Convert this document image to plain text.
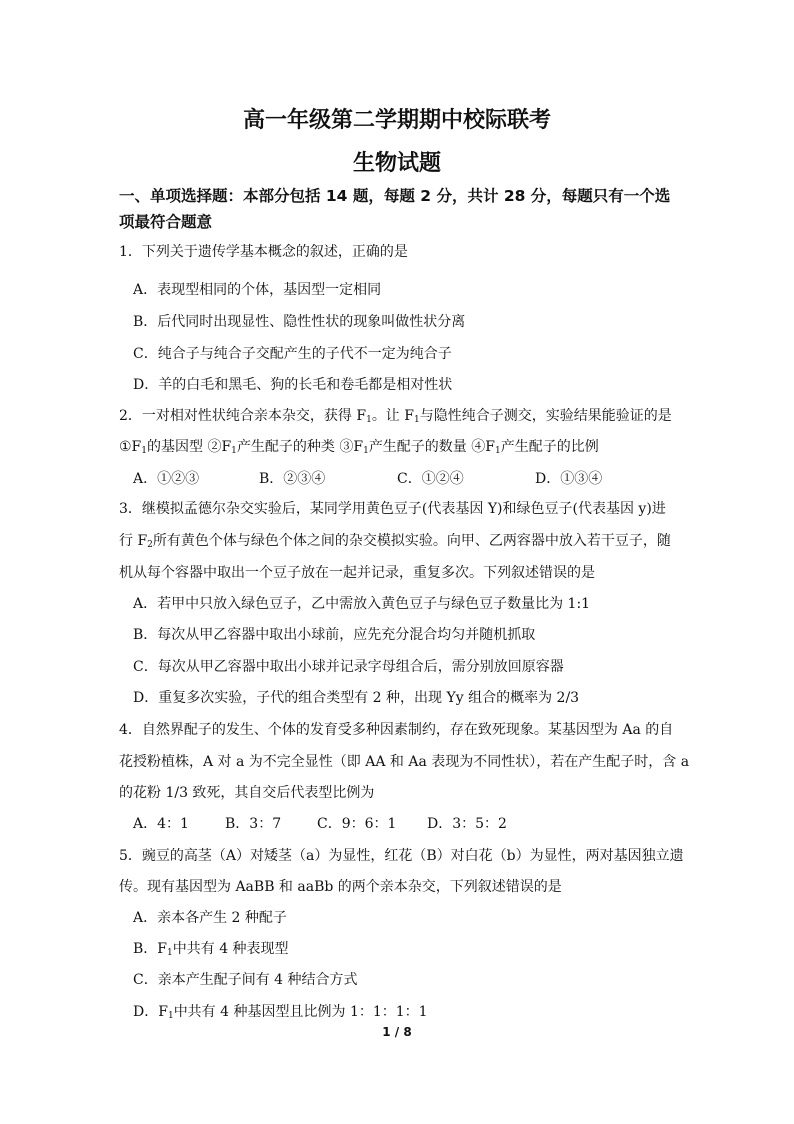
高一年级第二学期期中校际联考
生物试题
一、单项选择题：本部分包括 14 题，每题 2 分，共计 28 分，每题只有一个选
项最符合题意
1．下列关于遗传学基本概念的叙述，正确的是
A．表现型相同的个体，基因型一定相同
B．后代同时出现显性、隐性性状的现象叫做性状分离
C．纯合子与纯合子交配产生的子代不一定为纯合子
D．羊的白毛和黑毛、狗的长毛和卷毛都是相对性状
2．一对相对性状纯合亲本杂交，获得 $F_1$。让 $F_1$与隐性纯合子测交，实验结果能验证的是
$①F_1$的基因型 $②F_1$产生配子的种类 $③F_1$产生配子的数量 $④F_1$产生配子的比例
A．①②③	B．②③④	C．①②④	D．①③④
3．继模拟孟德尔杂交实验后，某同学用黄色豆子(代表基因 Y)和绿色豆子(代表基因 y)进
行 $F_2$所有黄色个体与绿色个体之间的杂交模拟实验。向甲、乙两容器中放入若干豆子，随
机从每个容器中取出一个豆子放在一起并记录，重复多次。下列叙述错误的是
A．若甲中只放入绿色豆子，乙中需放入黄色豆子与绿色豆子数量比为 1:1
B．每次从甲乙容器中取出小球前，应先充分混合均匀并随机抓取
C．每次从甲乙容器中取出小球并记录字母组合后，需分别放回原容器
D．重复多次实验，子代的组合类型有 2 种，出现 Yy 组合的概率为 2/3
4．自然界配子的发生、个体的发育受多种因素制约，存在致死现象。某基因型为 Aa 的自
花授粉植株，A 对 a 为不完全显性（即 AA 和 Aa 表现为不同性状），若在产生配子时，含 a
的花粉 1/3 致死，其自交后代表型比例为
A．4：1	B．3：7	C．9：6：1 D．3：5：2
5．豌豆的高茎（A）对矮茎（a）为显性，红花（B）对白花（b）为显性，两对基因独立遗
传。现有基因型为 AaBB 和 aaBb 的两个亲本杂交，下列叙述错误的是
A．亲本各产生 2 种配子
B．$F_1$中共有 4 种表现型
C．亲本产生配子间有 4 种结合方式
D．$F_1$中共有 4 种基因型且比例为 1：1：1：1
1 / 8
